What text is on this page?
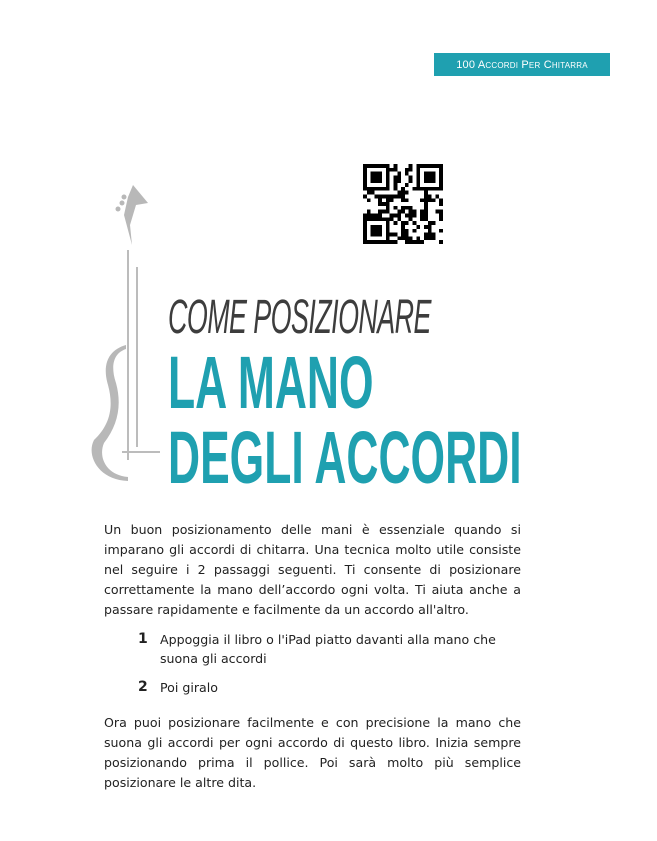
100 Accordi Per Chitarra
COME POSIZIONARE
LA MANO
DEGLI ACCORDI

Un buon posizionamento delle mani è essenziale quando si imparano gli accordi di chitarra. Una tecnica molto utile consiste nel seguire i 2 passaggi seguenti. Ti consente di posizionare correttamente la mano dell’accordo ogni volta. Ti aiuta anche a passare rapidamente e facilmente da un accordo all'altro.

1 Appoggia il libro o l'iPad piatto davanti alla mano che suona gli accordi
2 Poi giralo

Ora puoi posizionare facilmente e con precisione la mano che suona gli accordi per ogni accordo di questo libro. Inizia sempre posizionando prima il pollice. Poi sarà molto più semplice posizionare le altre dita.
